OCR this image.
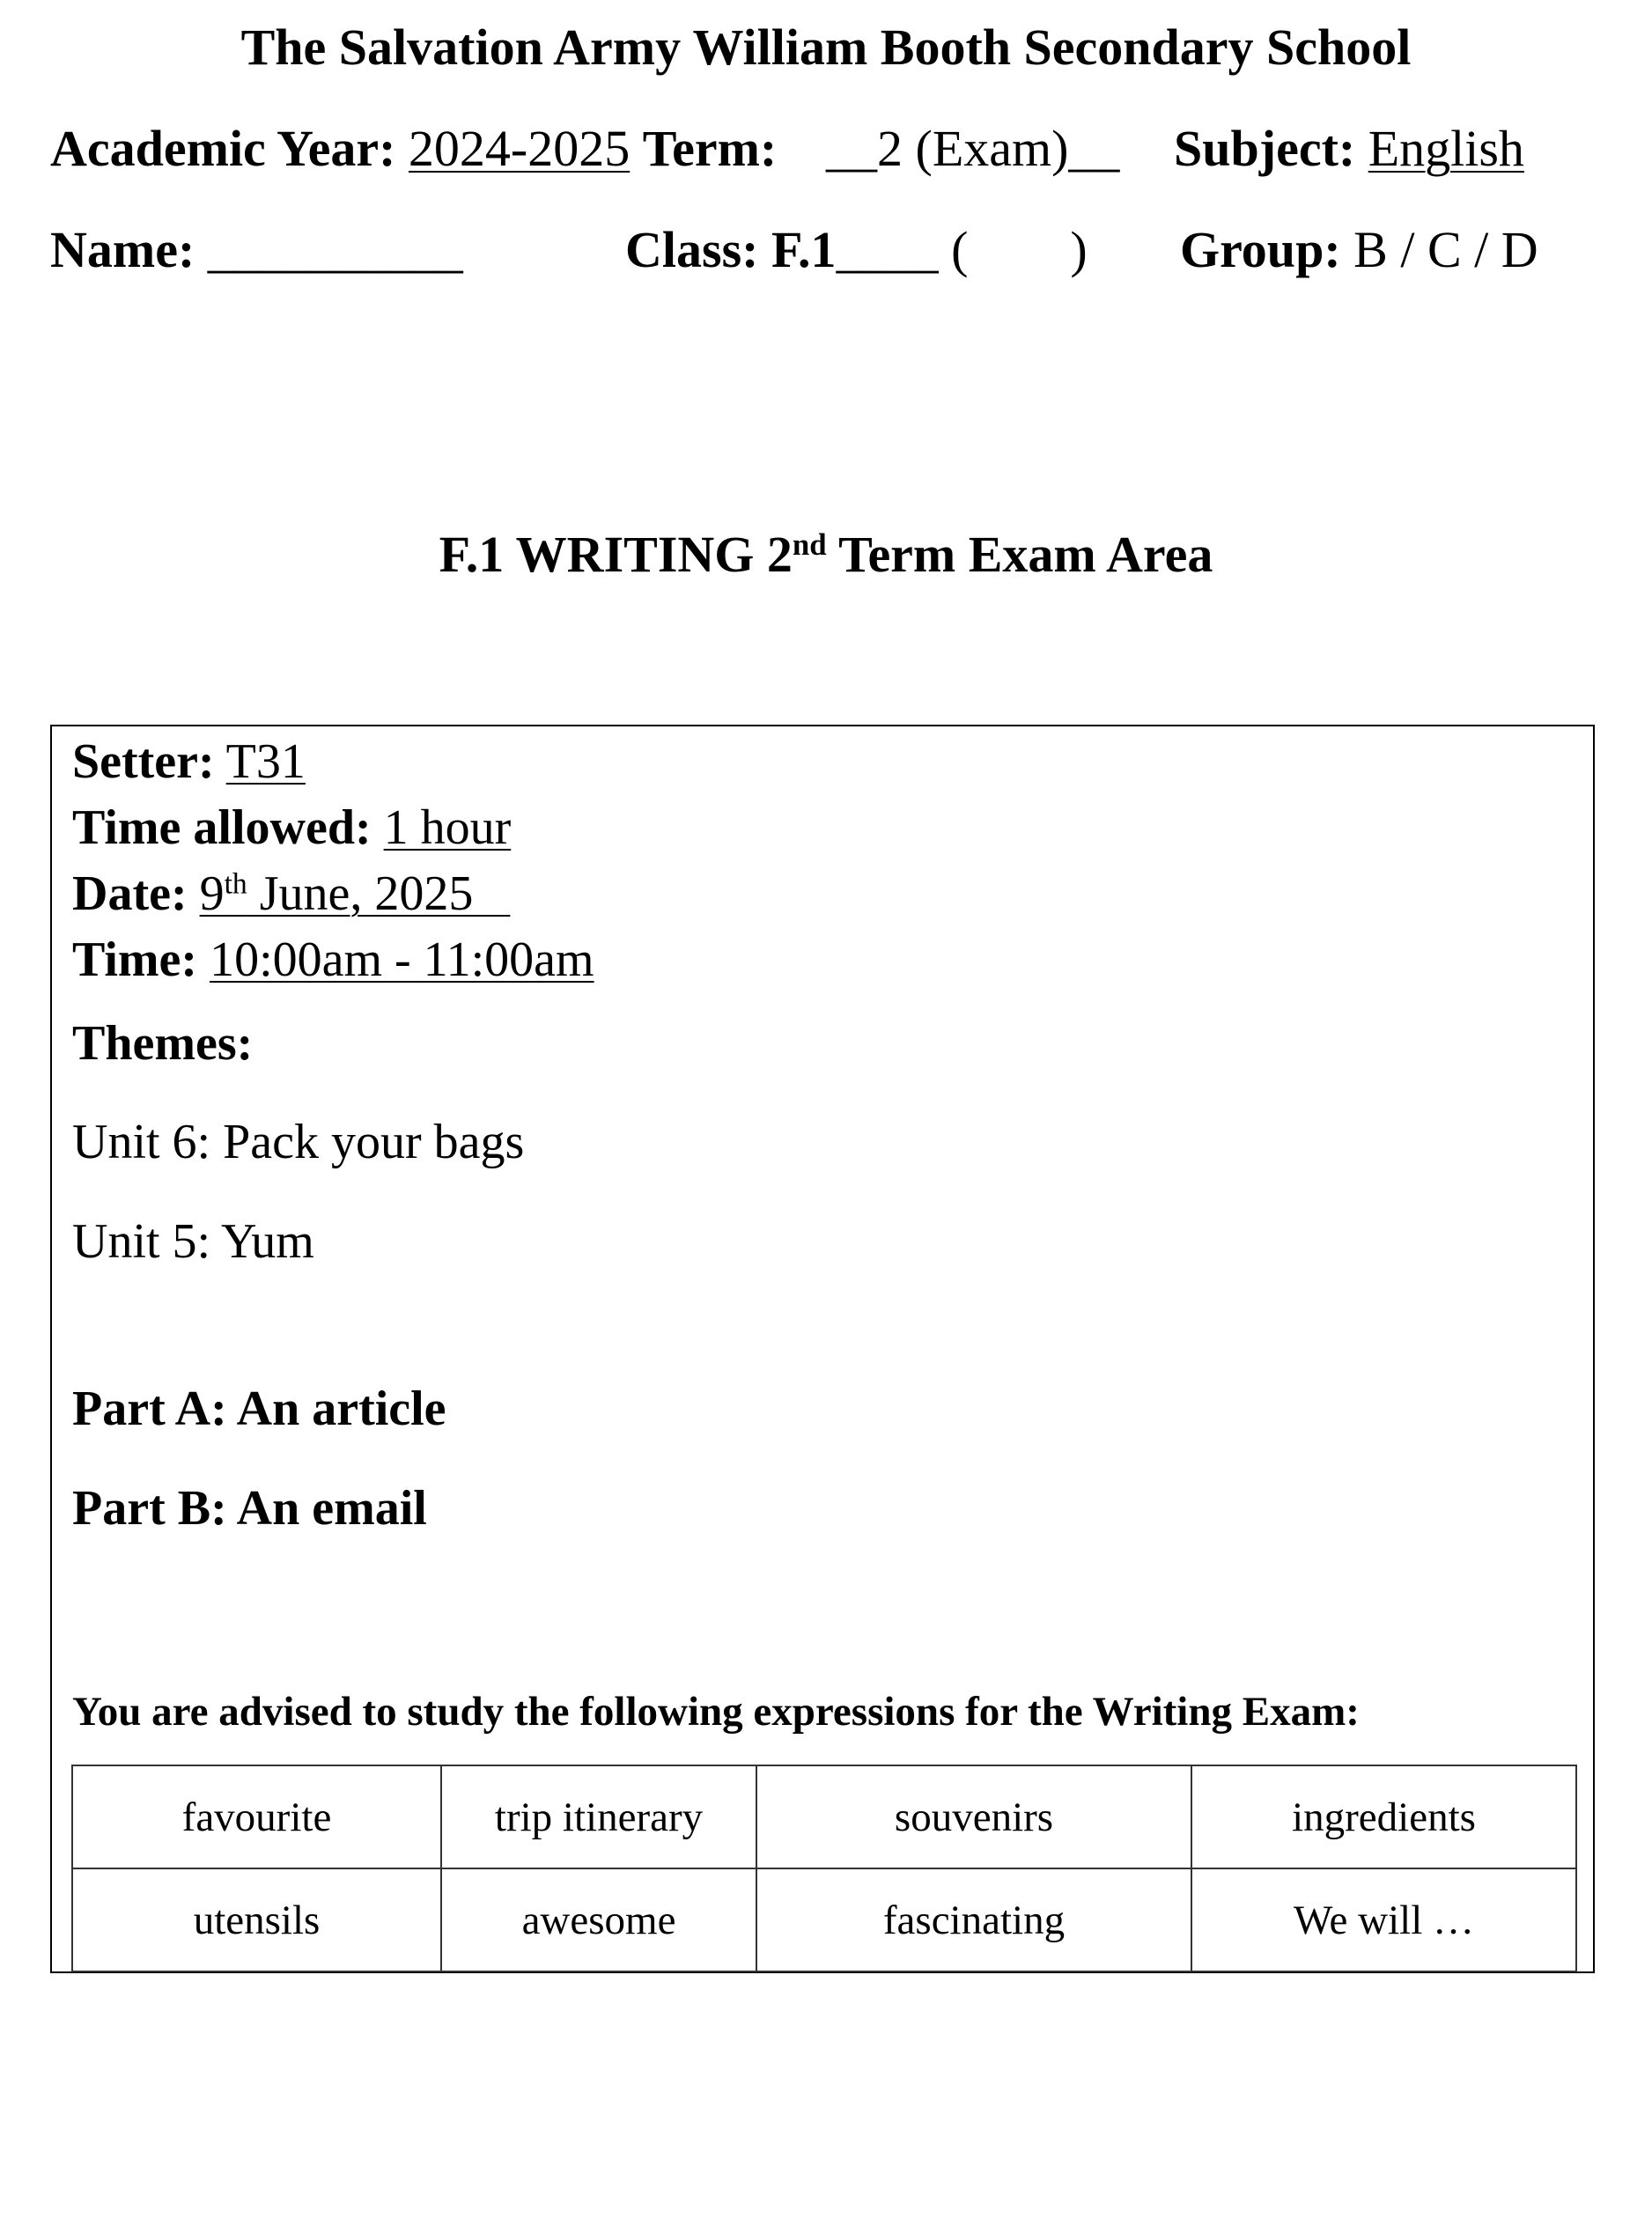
The Salvation Army William Booth Secondary School
Academic Year: 2024-2025 Term: __2 (Exam)__ Subject: English
Name: __________	Class: F.1____ (        ) Group: B / C / D
F.1 WRITING 2nd Term Exam Area
Setter: T31
Time allowed: 1 hour
Date: 9th June, 2025
Time: 10:00am - 11:00am
Themes:
Unit 6: Pack your bags
Unit 5: Yum
Part A: An article
Part B: An email
You are advised to study the following expressions for the Writing Exam:
favourite	trip itinerary	souvenirs	ingredients
utensils	awesome	fascinating	We will …
